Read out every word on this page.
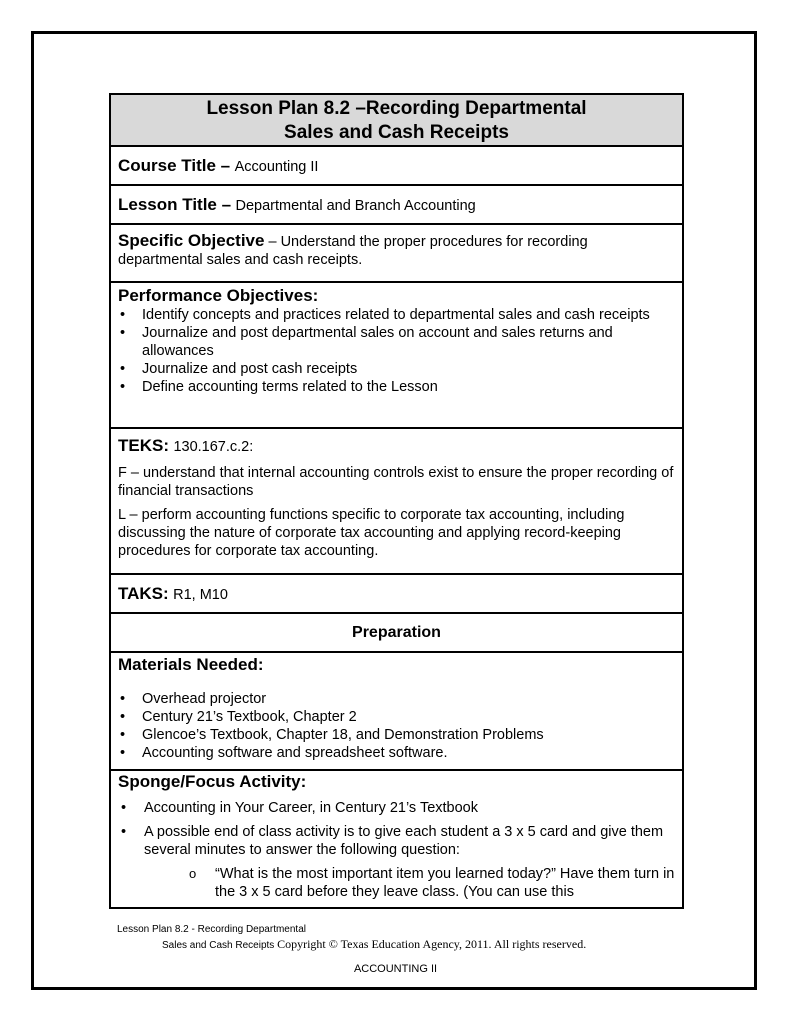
Lesson Plan 8.2 –Recording Departmental
Sales and Cash Receipts
Course Title – Accounting II
Lesson Title – Departmental and Branch Accounting
Specific Objective – Understand the proper procedures for recording departmental sales and cash receipts.
Performance Objectives:
• Identify concepts and practices related to departmental sales and cash receipts
• Journalize and post departmental sales on account and sales returns and allowances
• Journalize and post cash receipts
• Define accounting terms related to the Lesson
TEKS: 130.167.c.2:

F – understand that internal accounting controls exist to ensure the proper recording of financial transactions

L – perform accounting functions specific to corporate tax accounting, including discussing the nature of corporate tax accounting and applying record-keeping procedures for corporate tax accounting.

TAKS: R1, M10
Preparation
Materials Needed:
• Overhead projector
• Century 21’s Textbook, Chapter 2
• Glencoe’s Textbook, Chapter 18, and Demonstration Problems
• Accounting software and spreadsheet software.
Sponge/Focus Activity:
• Accounting in Your Career, in Century 21’s Textbook
• A possible end of class activity is to give each student a 3 x 5 card and give them several minutes to answer the following question:
o “What is the most important item you learned today?” Have them turn in the 3 x 5 card before they leave class. (You can use this
Lesson Plan 8.2 - Recording Departmental
Sales and Cash Receipts Copyright © Texas Education Agency, 2011. All rights reserved.
ACCOUNTING II
